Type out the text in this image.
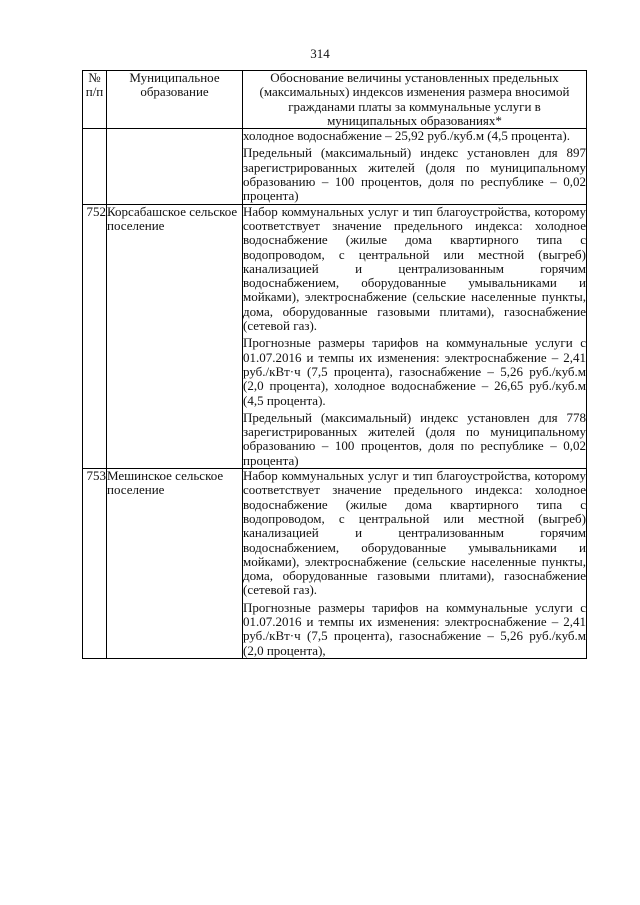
314
№ п/п	Муниципальное образование	Обоснование величины установленных предельных (максимальных) индексов изменения размера вносимой гражданами платы за коммунальные услуги в муниципальных образованиях*

		холодное водоснабжение – 25,92 руб./куб.м (4,5 процента).

Предельный (максимальный) индекс установлен для 897 зарегистрированных жителей (доля по муниципальному образованию – 100 процентов, доля по республике – 0,02 процента)

752	Корсабашское сельское поселение	Набор коммунальных услуг и тип благоустройства, которому соответствует значение предельного индекса: холодное водоснабжение (жилые дома квартирного типа с водопроводом, с центральной или местной (выгреб) канализацией и централизованным горячим водоснабжением, оборудованные умывальниками и мойками), электроснабжение (сельские населенные пункты, дома, оборудованные газовыми плитами), газоснабжение (сетевой газ).

Прогнозные размеры тарифов на коммунальные услуги с 01.07.2016 и темпы их изменения: электроснабжение – 2,41 руб./кВт·ч (7,5 процента), газоснабжение – 5,26 руб./куб.м (2,0 процента), холодное водоснабжение – 26,65 руб./куб.м (4,5 процента).

Предельный (максимальный) индекс установлен для 778 зарегистрированных жителей (доля по муниципальному образованию – 100 процентов, доля по республике – 0,02 процента)

753	Мешинское сельское поселение	Набор коммунальных услуг и тип благоустройства, которому соответствует значение предельного индекса: холодное водоснабжение (жилые дома квартирного типа с водопроводом, с центральной или местной (выгреб) канализацией и централизованным горячим водоснабжением, оборудованные умывальниками и мойками), электроснабжение (сельские населенные пункты, дома, оборудованные газовыми плитами), газоснабжение (сетевой газ).

Прогнозные размеры тарифов на коммунальные услуги с 01.07.2016 и темпы их изменения: электроснабжение – 2,41 руб./кВт·ч (7,5 процента), газоснабжение – 5,26 руб./куб.м (2,0 процента),
